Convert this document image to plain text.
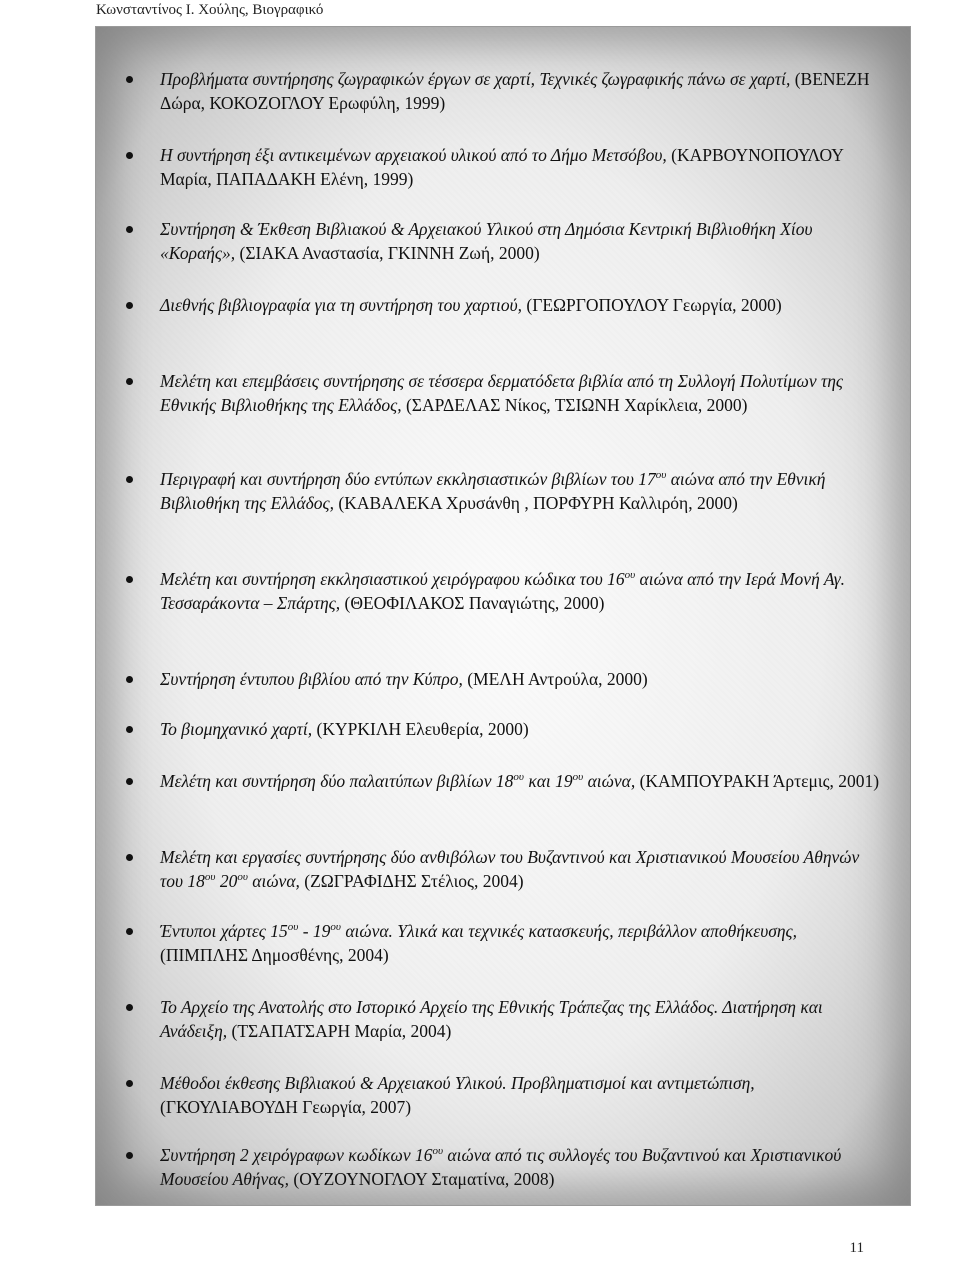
Κωνσταντίνος Ι. Χούλης, Βιογραφικό
Προβλήματα συντήρησης ζωγραφικών έργων σε χαρτί, Τεχνικές ζωγραφικής πάνω σε χαρτί, (ΒΕΝΕΖΗ Δώρα, ΚΟΚΟΖΟΓΛΟΥ Ερωφύλη, 1999)
Η συντήρηση έξι αντικειμένων αρχειακού υλικού από το Δήμο Μετσόβου, (ΚΑΡΒΟΥΝΟΠΟΥΛΟΥ Μαρία, ΠΑΠΑΔΑΚΗ Ελένη, 1999)
Συντήρηση & Έκθεση Βιβλιακού & Αρχειακού Υλικού στη Δημόσια Κεντρική Βιβλιοθήκη Χίου «Κοραής», (ΣΙΑΚΑ Αναστασία, ΓΚΙΝΝΗ Ζωή, 2000)
Διεθνής βιβλιογραφία για τη συντήρηση του χαρτιού, (ΓΕΩΡΓΟΠΟΥΛΟΥ Γεωργία, 2000)
Μελέτη και επεμβάσεις συντήρησης σε τέσσερα δερματόδετα βιβλία από τη Συλλογή Πολυτίμων της Εθνικής Βιβλιοθήκης της Ελλάδος, (ΣΑΡΔΕΛΑΣ Νίκος, ΤΣΙΩΝΗ Χαρίκλεια, 2000)
Περιγραφή και συντήρηση δύο εντύπων εκκλησιαστικών βιβλίων του $17^{o\upsilon}$ αιώνα από την Εθνική Βιβλιοθήκη της Ελλάδος, (ΚΑΒΑΛΕΚΑ Χρυσάνθη , ΠΟΡΦΥΡΗ Καλλιρόη, 2000)
Μελέτη και συντήρηση εκκλησιαστικού χειρόγραφου κώδικα του $16^{o\upsilon}$ αιώνα από την Ιερά Μονή Αγ. Τεσσαράκοντα – Σπάρτης, (ΘΕΟΦΙΛΑΚΟΣ Παναγιώτης, 2000)
Συντήρηση έντυπου βιβλίου από την Κύπρο, (ΜΕΛΗ Αντρούλα, 2000)
Το βιομηχανικό χαρτί, (ΚΥΡΚΙΛΗ Ελευθερία, 2000)
Μελέτη και συντήρηση δύο παλαιτύπων βιβλίων $18^{o\upsilon}$ και $19^{o\upsilon}$ αιώνα, (ΚΑΜΠΟΥΡΑΚΗ Άρτεμις, 2001)
Μελέτη και εργασίες συντήρησης δύο ανθιβόλων του Βυζαντινού και Χριστιανικού Μουσείου Αθηνών του $18^{o\upsilon}$ $20^{o\upsilon}$ αιώνα, (ΖΩΓΡΑΦΙΔΗΣ Στέλιος, 2004)
Έντυποι χάρτες $15^{o\upsilon} - 19^{o\upsilon}$ αιώνα. Υλικά και τεχνικές κατασκευής, περιβάλλον αποθήκευσης, (ΠΙΜΠΛΗΣ Δημοσθένης, 2004)
Το Αρχείο της Ανατολής στο Ιστορικό Αρχείο της Εθνικής Τράπεζας της Ελλάδος. Διατήρηση και Ανάδειξη, (ΤΣΑΠΑΤΣΑΡΗ Μαρία, 2004)
Μέθοδοι έκθεσης Βιβλιακού & Αρχειακού Υλικού. Προβληματισμοί και αντιμετώπιση, (ΓΚΟΥΛΙΑΒΟΥΔΗ Γεωργία, 2007)
Συντήρηση 2 χειρόγραφων κωδίκων $16^{o\upsilon}$ αιώνα από τις συλλογές του Βυζαντινού και Χριστιανικού Μουσείου Αθήνας, (ΟΥΖΟΥΝΟΓΛΟΥ Σταματίνα, 2008)
11
